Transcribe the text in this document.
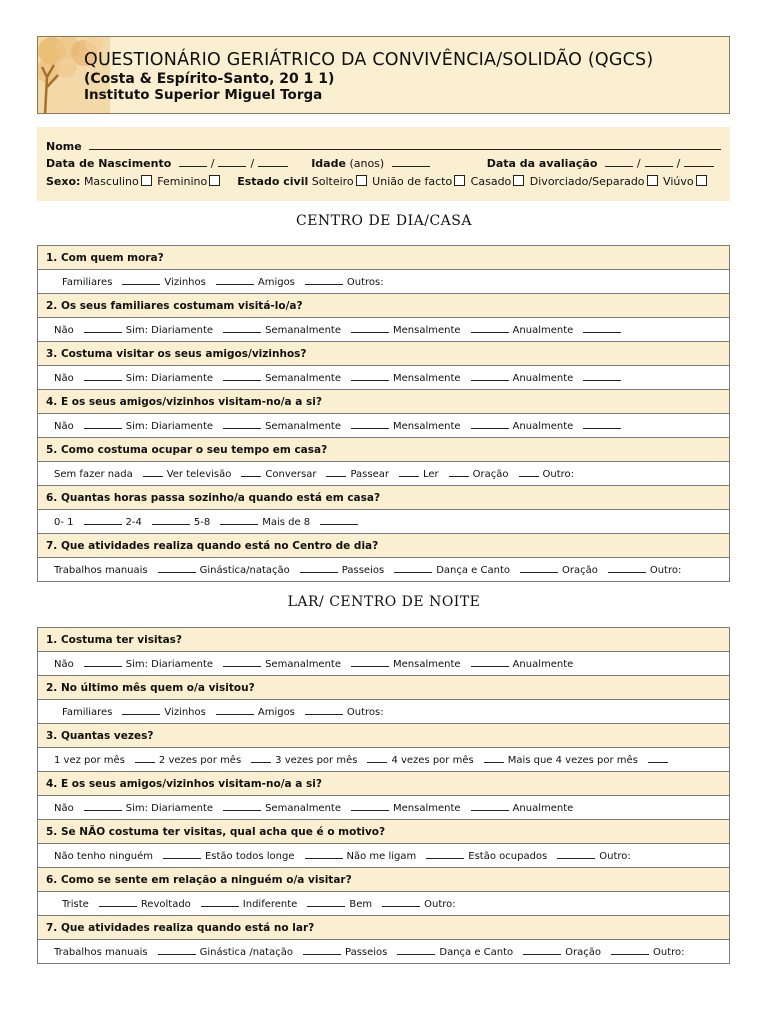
QUESTIONÁRIO GERIÁTRICO DA CONVIVÊNCIA/SOLIDÃO (QGCS)
(Costa & Espírito-Santo, 20 1 1)
Instituto Superior Miguel Torga
Nome
Data de Nascimento	/	/	Idade (anos)	Data da avaliação	/	/
Sexo: Masculino Feminino	Estado civil Solteiro União de facto Casado Divorciado/Separado Viúvo
CENTRO DE DIA/CASA
1. Com quem mora?
Familiares	Vizinhos	Amigos	Outros:
2. Os seus familiares costumam visitá-lo/a?
Não	Sim: Diariamente	Semanalmente	Mensalmente	Anualmente
3. Costuma visitar os seus amigos/vizinhos?
Não	Sim: Diariamente	Semanalmente	Mensalmente	Anualmente
4. E os seus amigos/vizinhos visitam-no/a a si?
Não	Sim: Diariamente	Semanalmente	Mensalmente	Anualmente
5. Como costuma ocupar o seu tempo em casa?
Sem fazer nada	Ver televisão	Conversar	Passear	Ler	Oração	Outro:
6. Quantas horas passa sozinho/a quando está em casa?
0- 1	2-4	5-8	Mais de 8
7. Que atividades realiza quando está no Centro de dia?
Trabalhos manuais	Ginástica/natação	Passeios	Dança e Canto	Oração	Outro:
LAR/ CENTRO DE NOITE
1. Costuma ter visitas?
Não	Sim: Diariamente	Semanalmente	Mensalmente	Anualmente
2. No último mês quem o/a visitou?
Familiares	Vizinhos	Amigos	Outros:
3. Quantas vezes?
1 vez por mês	2 vezes por mês	3 vezes por mês	4 vezes por mês	Mais que 4 vezes por mês
4. E os seus amigos/vizinhos visitam-no/a a si?
Não	Sim: Diariamente	Semanalmente	Mensalmente	Anualmente
5. Se NÃO costuma ter visitas, qual acha que é o motivo?
Não tenho ninguém	Estão todos longe	Não me ligam	Estão ocupados	Outro:
6. Como se sente em relação a ninguém o/a visitar?
Triste	Revoltado	Indiferente	Bem	Outro:
7. Que atividades realiza quando está no lar?
Trabalhos manuais	Ginástica /natação	Passeios	Dança e Canto	Oração	Outro:
